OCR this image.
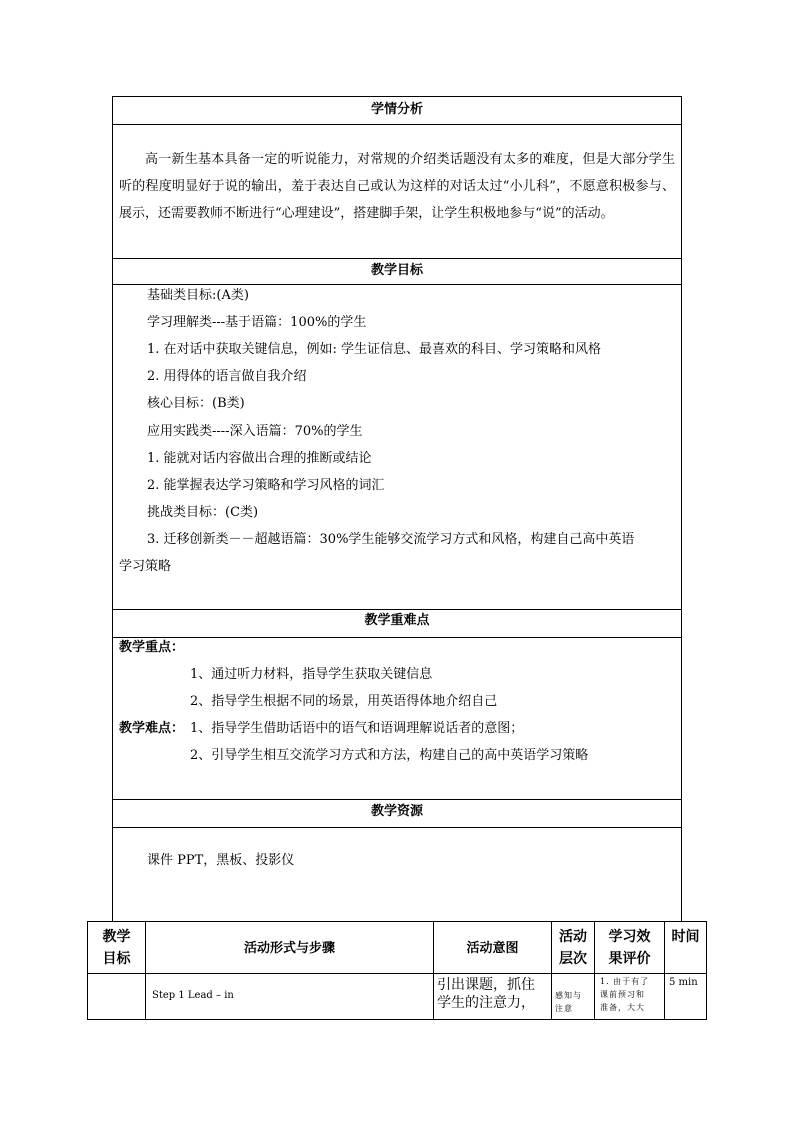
学情分析
高一新生基本具备一定的听说能力，对常规的介绍类话题没有太多的难度，但是大部分学生听的程度明显好于说的输出，羞于表达自己或认为这样的对话太过“小儿科”，不愿意积极参与、展示，还需要教师不断进行“心理建设”，搭建脚手架，让学生积极地参与“说”的活动。
教学目标
基础类目标:(A类)
学习理解类---基于语篇：100%的学生
1. 在对话中获取关键信息，例如: 学生证信息、最喜欢的科目、学习策略和风格
2. 用得体的语言做自我介绍
核心目标：(B类)
应用实践类----深入语篇：70%的学生
1. 能就对话内容做出合理的推断或结论
2. 能掌握表达学习策略和学习风格的词汇
挑战类目标：(C类)
3. 迁移创新类－－超越语篇：30%学生能够交流学习方式和风格，构建自己高中英语
学习策略
教学重难点
教学重点：
1、通过听力材料，指导学生获取关键信息
2、指导学生根据不同的场景，用英语得体地介绍自己
教学难点： 1、指导学生借助话语中的语气和语调理解说话者的意图；
2、引导学生相互交流学习方式和方法，构建自己的高中英语学习策略
教学资源
课件 PPT，黑板、投影仪
教学
目标
活动形式与步骤	活动意图
活动
层次
学习效
果评价
时间
Step 1 Lead – in
引出课题，抓住
学生的注意力，	感知与
注意
1. 由于有了
课前预习和
准备，大大
5 min
